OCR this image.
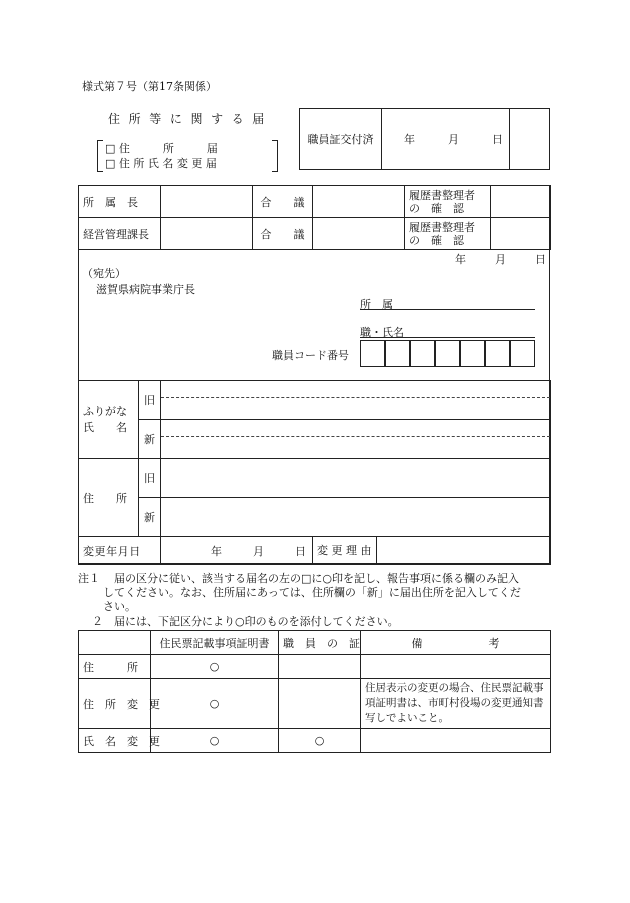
様式第７号（第17条関係）
住 所 等 に 関 す る 届
□ 住　　　所　　　届
□ 住 所 氏 名 変 更 届
職員証交付済	年	月	日	
所　属　長		合　　議		履歴書整理者
の　確　認	

経営管理課長		合　　議		履歴書整理者
の　確　認	

年	月	日
（宛先）
滋賀県病院事業庁長
所　属
職・氏名
職員コード番号
ふりがな
氏　　名	旧		

	新		

住　　所	旧		
	新		
変更年月日		年 月 日	変 更 理 由
注１ 届の区分に従い、該当する届名の左の□に○印を記し、報告事項に係る欄のみ記入
してください。なお、住所届にあっては、住所欄の「新」に届出住所を記入してくだ
さい。
２ 届には、下記区分により○印のものを添付してください。
	住民票記載事項証明書	職　員　の　証	備　　　　　　考
住　　　所	○		
住　所　変　更	○		住居表示の変更の場合、住民票記載事項証明書は、市町村役場の変更通知書写しでよいこと。
氏　名　変　更	○	○	
